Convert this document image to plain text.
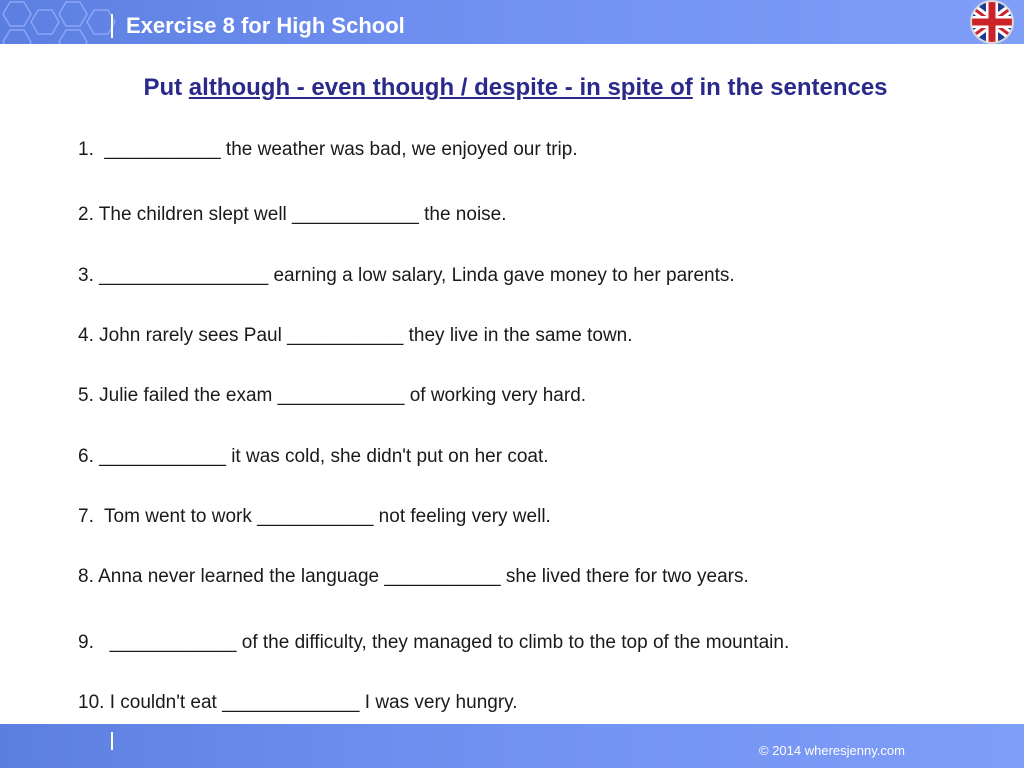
Exercise 8 for High School
Put although - even though / despite - in spite of in the sentences
1.  ___________ the weather was bad, we enjoyed our trip.
2. The children slept well ____________ the noise.
3. ________________ earning a low salary, Linda gave money to her parents.
4. John rarely sees Paul ___________ they live in the same town.
5. Julie failed the exam ____________ of working very hard.
6. ____________ it was cold, she didn't put on her coat.
7.  Tom went to work ___________ not feeling very well.
8. Anna never learned the language ___________ she lived there for two years.
9.   ____________ of the difficulty, they managed to climb to the top of the mountain.
10. I couldn't eat _____________ I was very hungry.
© 2014 wheresjenny.com
